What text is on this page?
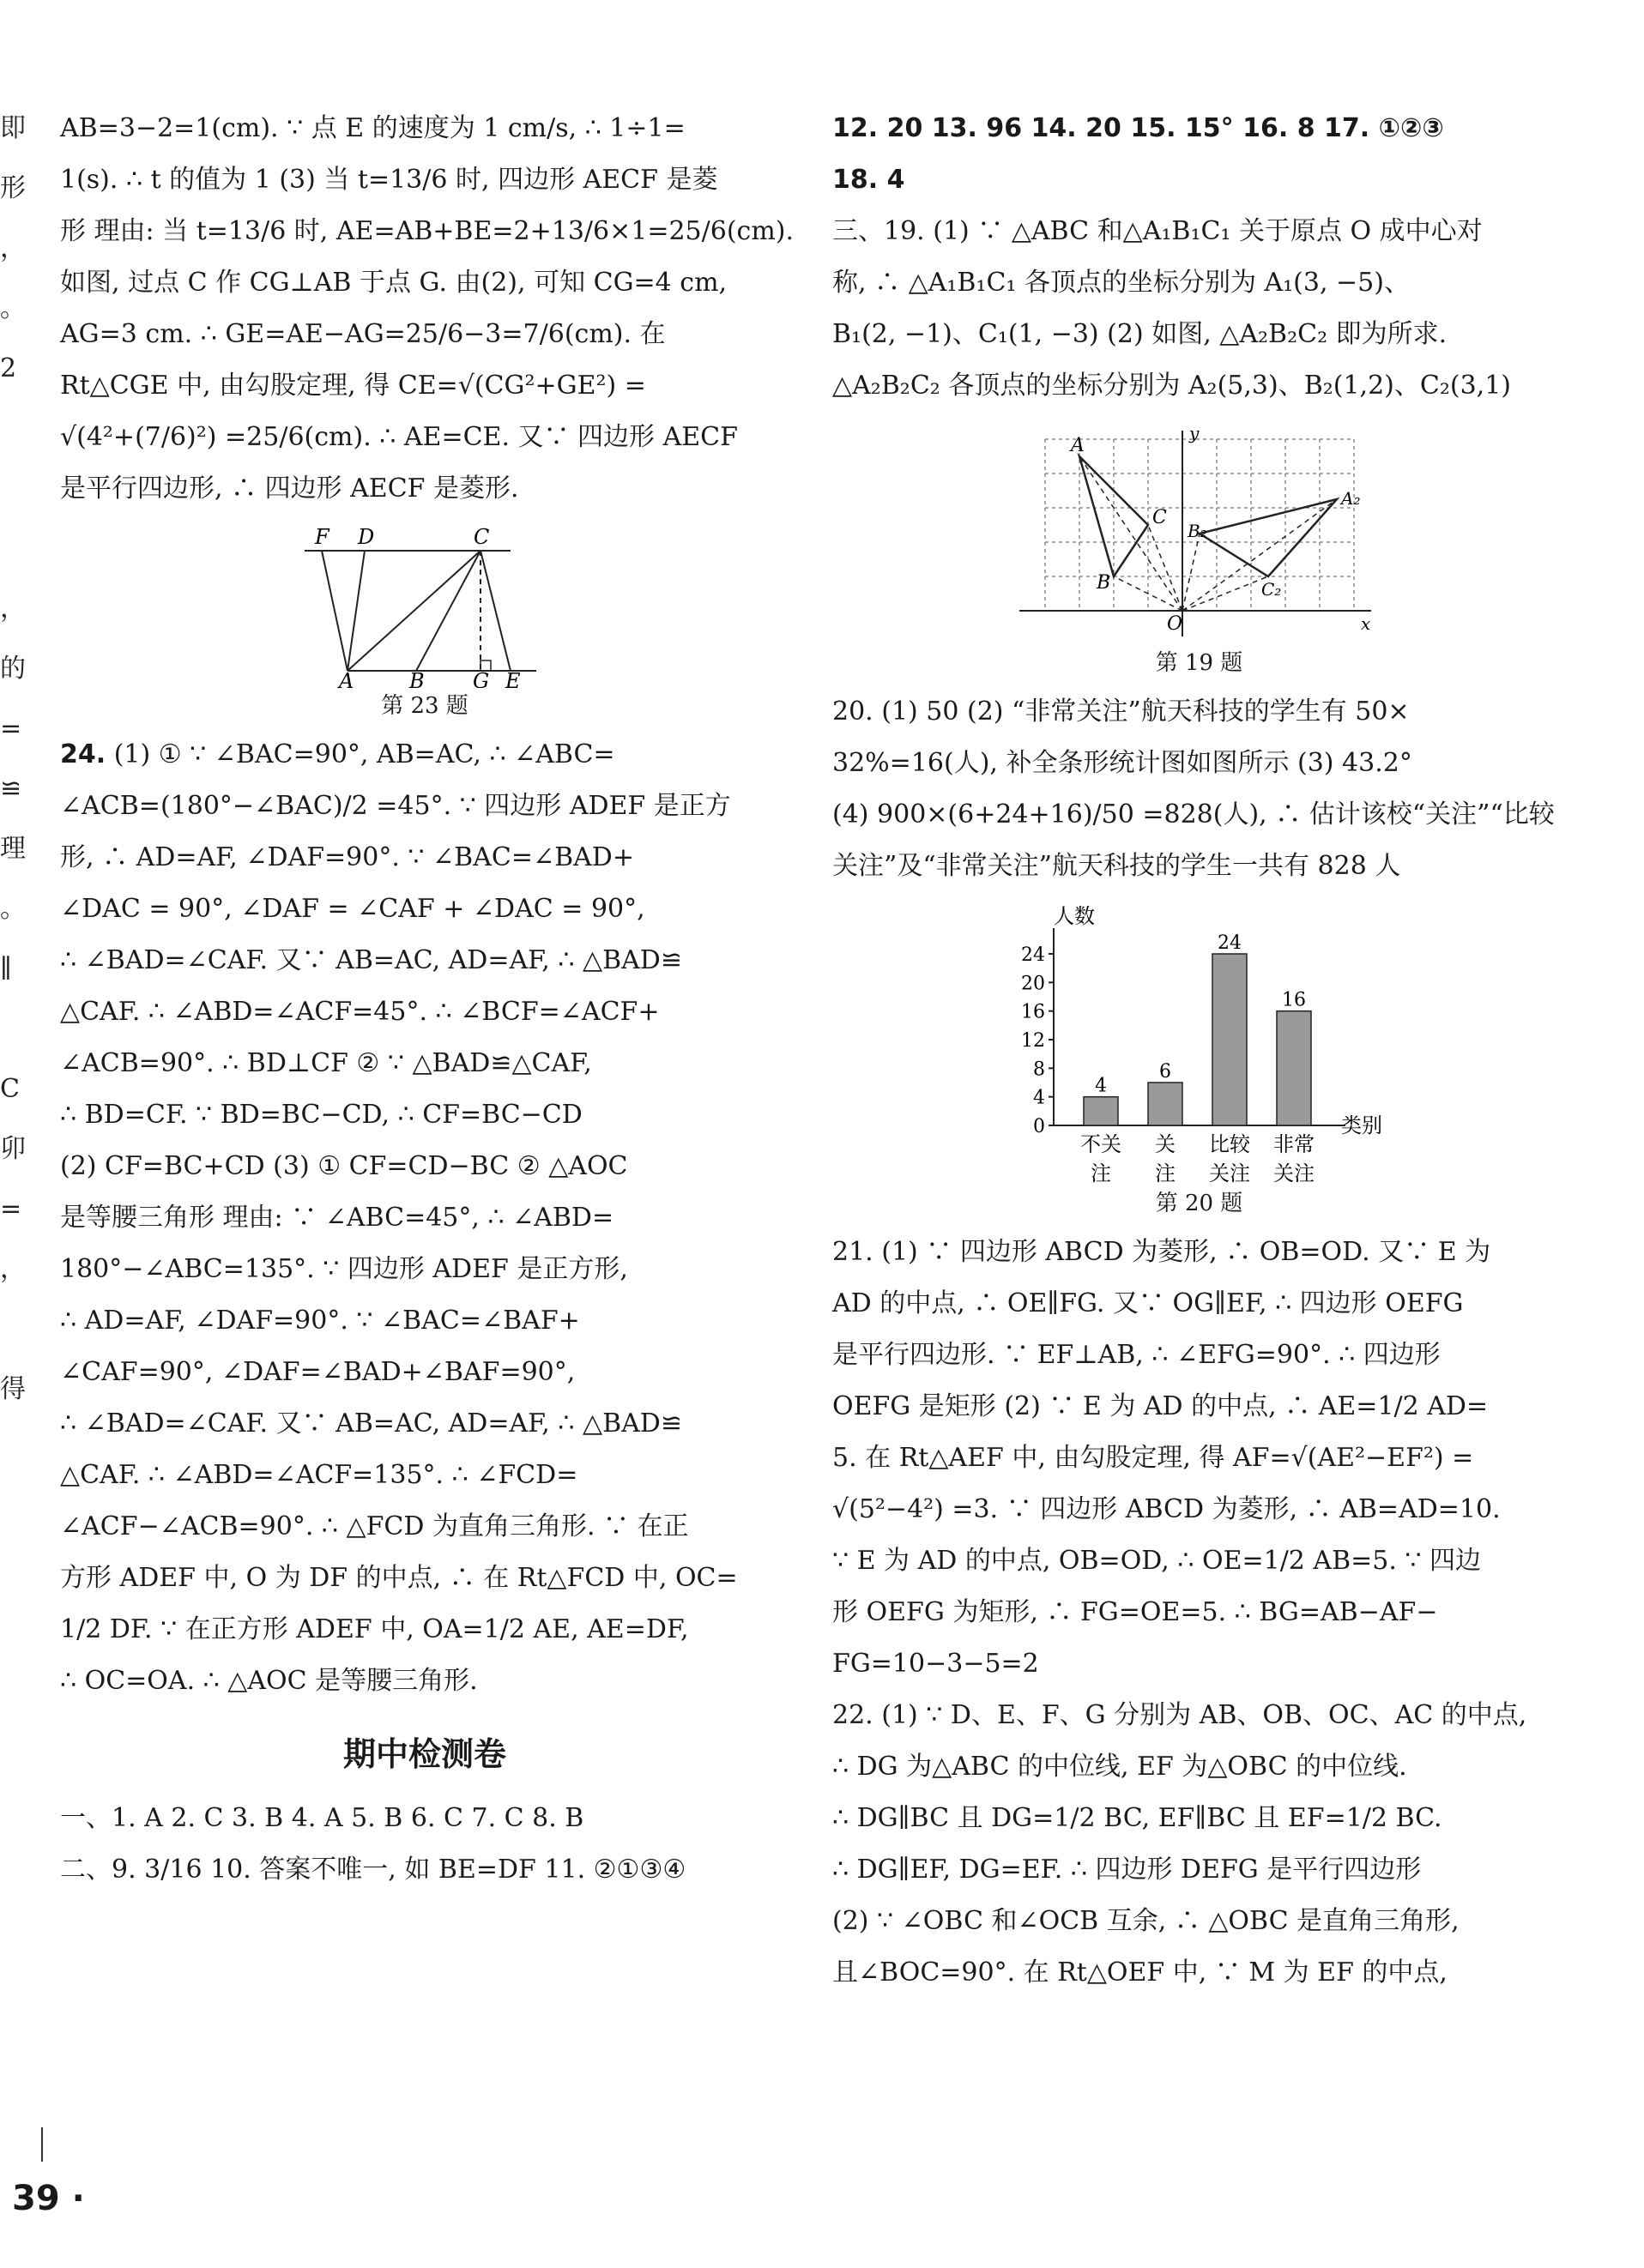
即
形
，
。
2
，
的
=
≌
理
。
∥
C
卯
=
，
得
AB=3−2=1(cm). ∵ 点 E 的速度为 1 cm/s, ∴ 1÷1=
1(s). ∴ t 的值为 1 (3) 当 t=13/6 时, 四边形 AECF 是菱
形 理由: 当 t=13/6 时, AE=AB+BE=2+13/6×1=25/6(cm).
如图, 过点 C 作 CG⊥AB 于点 G. 由(2), 可知 CG=4 cm,
AG=3 cm. ∴ GE=AE−AG=25/6−3=7/6(cm). 在
Rt△CGE 中, 由勾股定理, 得 CE=√(CG²+GE²) =
√(4²+(7/6)²) =25/6(cm). ∴ AE=CE. 又∵ 四边形 AECF
是平行四边形, ∴ 四边形 AECF 是菱形.
F D	C
A	B G E
第 23 题
24. (1) ① ∵ ∠BAC=90°, AB=AC, ∴ ∠ABC=
∠ACB=(180°−∠BAC)/2 =45°. ∵ 四边形 ADEF 是正方
形, ∴ AD=AF, ∠DAF=90°. ∵ ∠BAC=∠BAD+
∠DAC = 90°, ∠DAF = ∠CAF + ∠DAC = 90°,
∴ ∠BAD=∠CAF. 又∵ AB=AC, AD=AF, ∴ △BAD≌
△CAF. ∴ ∠ABD=∠ACF=45°. ∴ ∠BCF=∠ACF+
∠ACB=90°. ∴ BD⊥CF ② ∵ △BAD≌△CAF,
∴ BD=CF. ∵ BD=BC−CD, ∴ CF=BC−CD
(2) CF=BC+CD (3) ① CF=CD−BC ② △AOC
是等腰三角形 理由: ∵ ∠ABC=45°, ∴ ∠ABD=
180°−∠ABC=135°. ∵ 四边形 ADEF 是正方形,
∴ AD=AF, ∠DAF=90°. ∵ ∠BAC=∠BAF+
∠CAF=90°, ∠DAF=∠BAD+∠BAF=90°,
∴ ∠BAD=∠CAF. 又∵ AB=AC, AD=AF, ∴ △BAD≌
△CAF. ∴ ∠ABD=∠ACF=135°. ∴ ∠FCD=
∠ACF−∠ACB=90°. ∴ △FCD 为直角三角形. ∵ 在正
方形 ADEF 中, O 为 DF 的中点, ∴ 在 Rt△FCD 中, OC=
1/2 DF. ∵ 在正方形 ADEF 中, OA=1/2 AE, AE=DF,
∴ OC=OA. ∴ △AOC 是等腰三角形.
期中检测卷
一、1. A 2. C 3. B 4. A 5. B 6. C 7. C 8. B
二、9. 3/16 10. 答案不唯一, 如 BE=DF 11. ②①③④
12. 20 13. 96 14. 20 15. 15° 16. 8 17. ①②③
18. 4
三、19. (1) ∵ △ABC 和△A₁B₁C₁ 关于原点 O 成中心对
称, ∴ △A₁B₁C₁ 各顶点的坐标分别为 A₁(3, −5)、
B₁(2, −1)、C₁(1, −3) (2) 如图, △A₂B₂C₂ 即为所求.
△A₂B₂C₂ 各顶点的坐标分别为 A₂(5,3)、B₂(1,2)、C₂(3,1)
A
C
B₂
A₂
B
O
C₂
y
x
第 19 题
20. (1) 50 (2) “非常关注”航天科技的学生有 50×
32%=16(人), 补全条形统计图如图所示 (3) 43.2°
(4) 900×(6+24+16)/50 =828(人), ∴ 估计该校“关注”“比较
关注”及“非常关注”航天科技的学生一共有 828 人
人数
类别
0
4
8
12
16
20
24
4
不关
注
6
关
注
24
比较
关注
16
非常
关注
第 20 题
21. (1) ∵ 四边形 ABCD 为菱形, ∴ OB=OD. 又∵ E 为
AD 的中点, ∴ OE∥FG. 又∵ OG∥EF, ∴ 四边形 OEFG
是平行四边形. ∵ EF⊥AB, ∴ ∠EFG=90°. ∴ 四边形
OEFG 是矩形 (2) ∵ E 为 AD 的中点, ∴ AE=1/2 AD=
5. 在 Rt△AEF 中, 由勾股定理, 得 AF=√(AE²−EF²) =
√(5²−4²) =3. ∵ 四边形 ABCD 为菱形, ∴ AB=AD=10.
∵ E 为 AD 的中点, OB=OD, ∴ OE=1/2 AB=5. ∵ 四边
形 OEFG 为矩形, ∴ FG=OE=5. ∴ BG=AB−AF−
FG=10−3−5=2
22. (1) ∵ D、E、F、G 分别为 AB、OB、OC、AC 的中点,
∴ DG 为△ABC 的中位线, EF 为△OBC 的中位线.
∴ DG∥BC 且 DG=1/2 BC, EF∥BC 且 EF=1/2 BC.
∴ DG∥EF, DG=EF. ∴ 四边形 DEFG 是平行四边形
(2) ∵ ∠OBC 和∠OCB 互余, ∴ △OBC 是直角三角形,
且∠BOC=90°. 在 Rt△OEF 中, ∵ M 为 EF 的中点,
39 ·
